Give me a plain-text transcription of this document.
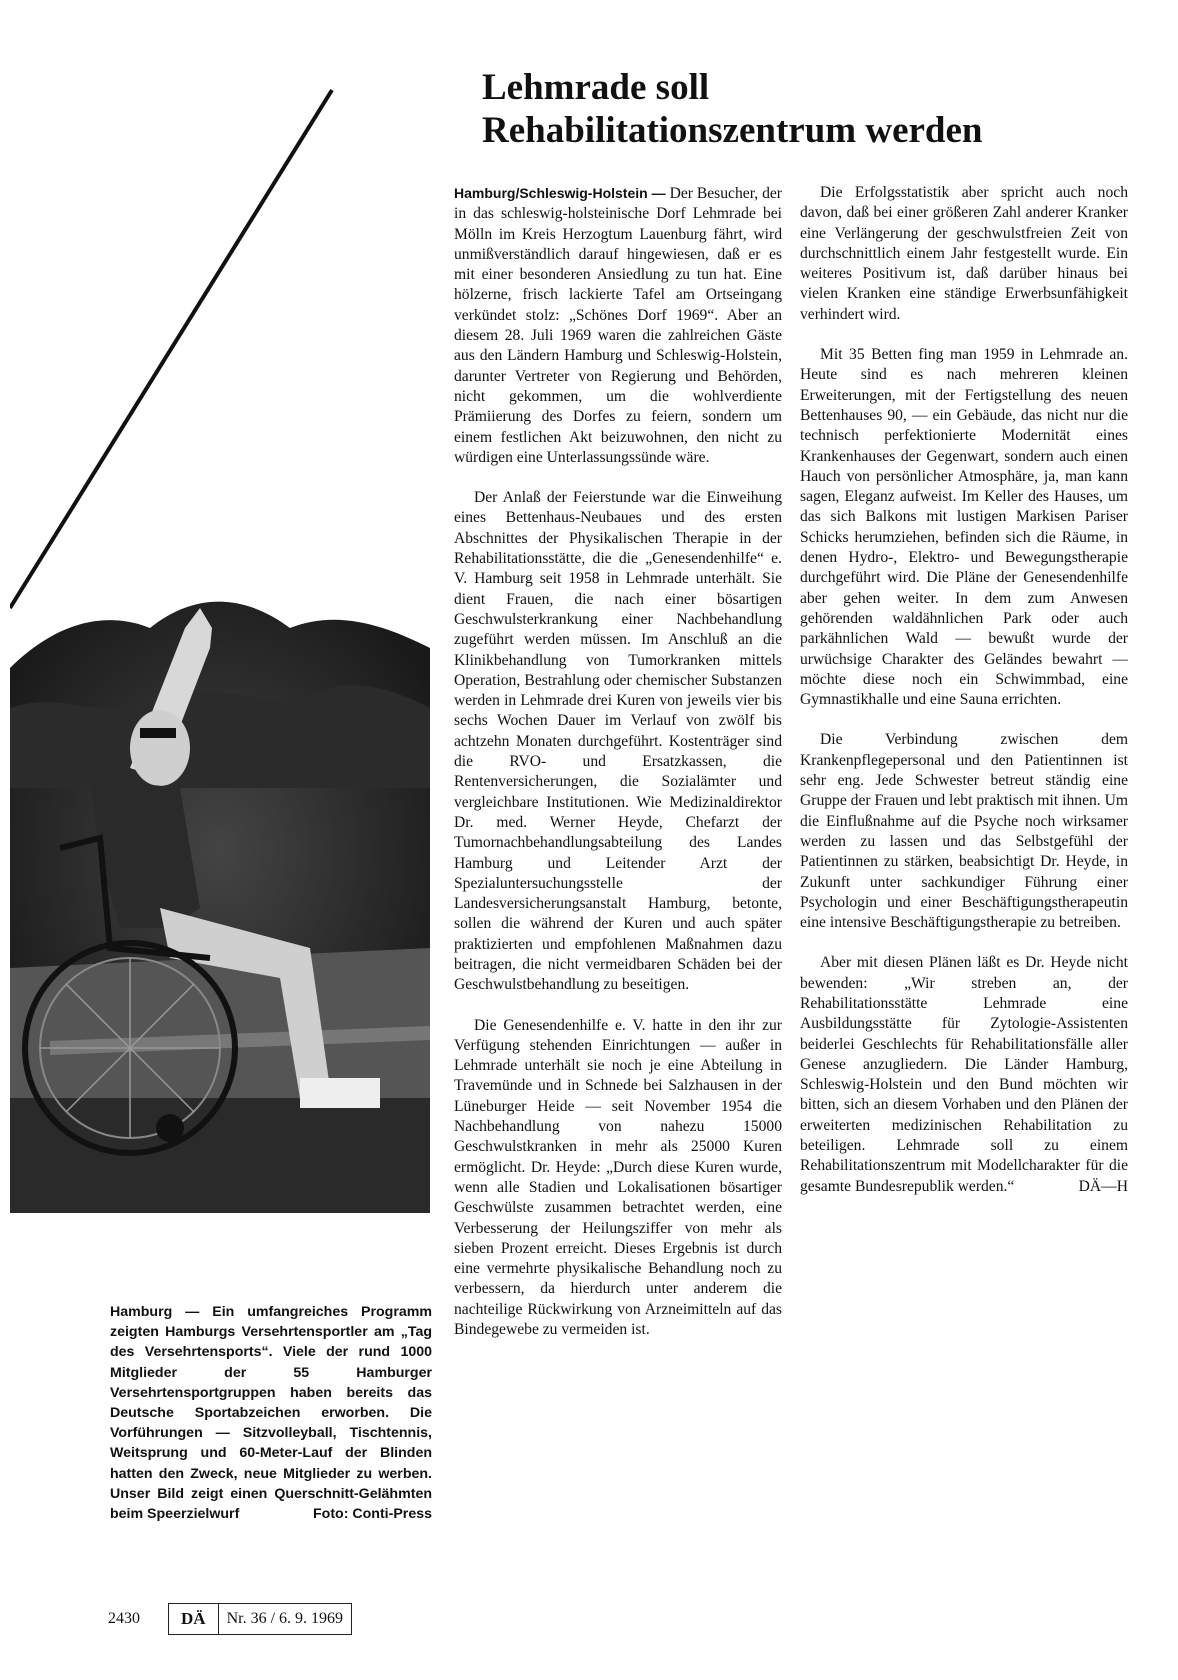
Lehmrade soll
Rehabilitationszentrum werden

Hamburg/Schleswig-Holstein — Der Besucher, der in das schleswig-holsteinische Dorf Lehmrade bei Mölln im Kreis Herzogtum Lauenburg fährt, wird unmißverständlich darauf hingewiesen, daß er es mit einer besonderen Ansiedlung zu tun hat. Eine hölzerne, frisch lackierte Tafel am Ortseingang verkündet stolz: „Schönes Dorf 1969“. Aber an diesem 28. Juli 1969 waren die zahlreichen Gäste aus den Ländern Hamburg und Schleswig-Holstein, darunter Vertreter von Regierung und Behörden, nicht gekommen, um die wohlverdiente Prämiierung des Dorfes zu feiern, sondern um einem festlichen Akt beizuwohnen, den nicht zu würdigen eine Unterlassungssünde wäre.

Der Anlaß der Feierstunde war die Einweihung eines Bettenhaus-Neubaues und des ersten Abschnittes der Physikalischen Therapie in der Rehabilitationsstätte, die die „Genesendenhilfe“ e. V. Hamburg seit 1958 in Lehmrade unterhält. Sie dient Frauen, die nach einer bösartigen Geschwulsterkrankung einer Nachbehandlung zugeführt werden müssen. Im Anschluß an die Klinikbehandlung von Tumorkranken mittels Operation, Bestrahlung oder chemischer Substanzen werden in Lehmrade drei Kuren von jeweils vier bis sechs Wochen Dauer im Verlauf von zwölf bis achtzehn Monaten durchgeführt. Kostenträger sind die RVO- und Ersatzkassen, die Rentenversicherungen, die Sozialämter und vergleichbare Institutionen. Wie Medizinaldirektor Dr. med. Werner Heyde, Chefarzt der Tumornachbehandlungsabteilung des Landes Hamburg und Leitender Arzt der Spezialuntersuchungsstelle der Landesversicherungsanstalt Hamburg, betonte, sollen die während der Kuren und auch später praktizierten und empfohlenen Maßnahmen dazu beitragen, die nicht vermeidbaren Schäden bei der Geschwulstbehandlung zu beseitigen.

Die Genesendenhilfe e. V. hatte in den ihr zur Verfügung stehenden Einrichtungen — außer in Lehmrade unterhält sie noch je eine Abteilung in Travemünde und in Schnede bei Salzhausen in der Lüneburger Heide — seit November 1954 die Nachbehandlung von nahezu 15000 Geschwulstkranken in mehr als 25000 Kuren ermöglicht. Dr. Heyde: „Durch diese Kuren wurde, wenn alle Stadien und Lokalisationen bösartiger Geschwülste zusammen betrachtet werden, eine Verbesserung der Heilungsziffer von mehr als sieben Prozent erreicht. Dieses Ergebnis ist durch eine vermehrte physikalische Behandlung noch zu verbessern, da hierdurch unter anderem die nachteilige Rückwirkung von Arzneimitteln auf das Bindegewebe zu vermeiden ist.

Die Erfolgsstatistik aber spricht auch noch davon, daß bei einer größeren Zahl anderer Kranker eine Verlängerung der geschwulstfreien Zeit von durchschnittlich einem Jahr festgestellt wurde. Ein weiteres Positivum ist, daß darüber hinaus bei vielen Kranken eine ständige Erwerbsunfähigkeit verhindert wird.

Mit 35 Betten fing man 1959 in Lehmrade an. Heute sind es nach mehreren kleinen Erweiterungen, mit der Fertigstellung des neuen Bettenhauses 90, — ein Gebäude, das nicht nur die technisch perfektionierte Modernität eines Krankenhauses der Gegenwart, sondern auch einen Hauch von persönlicher Atmosphäre, ja, man kann sagen, Eleganz aufweist. Im Keller des Hauses, um das sich Balkons mit lustigen Markisen Pariser Schicks herumziehen, befinden sich die Räume, in denen Hydro-, Elektro- und Bewegungstherapie durchgeführt wird. Die Pläne der Genesendenhilfe aber gehen weiter. In dem zum Anwesen gehörenden waldähnlichen Park oder auch parkähnlichen Wald — bewußt wurde der urwüchsige Charakter des Geländes bewahrt — möchte diese noch ein Schwimmbad, eine Gymnastikhalle und eine Sauna errichten.

Die Verbindung zwischen dem Krankenpflegepersonal und den Patientinnen ist sehr eng. Jede Schwester betreut ständig eine Gruppe der Frauen und lebt praktisch mit ihnen. Um die Einflußnahme auf die Psyche noch wirksamer werden zu lassen und das Selbstgefühl der Patientinnen zu stärken, beabsichtigt Dr. Heyde, in Zukunft unter sachkundiger Führung einer Psychologin und einer Beschäftigungstherapeutin eine intensive Beschäftigungstherapie zu betreiben.

Aber mit diesen Plänen läßt es Dr. Heyde nicht bewenden: „Wir streben an, der Rehabilitationsstätte Lehmrade eine Ausbildungsstätte für Zytologie-Assistenten beiderlei Geschlechts für Rehabilitationsfälle aller Genese anzugliedern. Die Länder Hamburg, Schleswig-Holstein und den Bund möchten wir bitten, sich an diesem Vorhaben und den Plänen der erweiterten medizinischen Rehabilitation zu beteiligen. Lehmrade soll zu einem Rehabilitationszentrum mit Modellcharakter für die gesamte Bundesrepublik werden.“	DÄ—H

Hamburg — Ein umfangreiches Programm zeigten Hamburgs Versehrtensportler am „Tag des Versehrtensports“. Viele der rund 1000 Mitglieder der 55 Hamburger Versehrtensportgruppen haben bereits das Deutsche Sportabzeichen erworben. Die Vorführungen — Sitzvolleyball, Tischtennis, Weitsprung und 60-Meter-Lauf der Blinden hatten den Zweck, neue Mitglieder zu werben. Unser Bild zeigt einen Querschnitt-Gelähmten beim Speerzielwurf	Foto: Conti-Press

2430	DÄ	Nr. 36 / 6. 9. 1969
